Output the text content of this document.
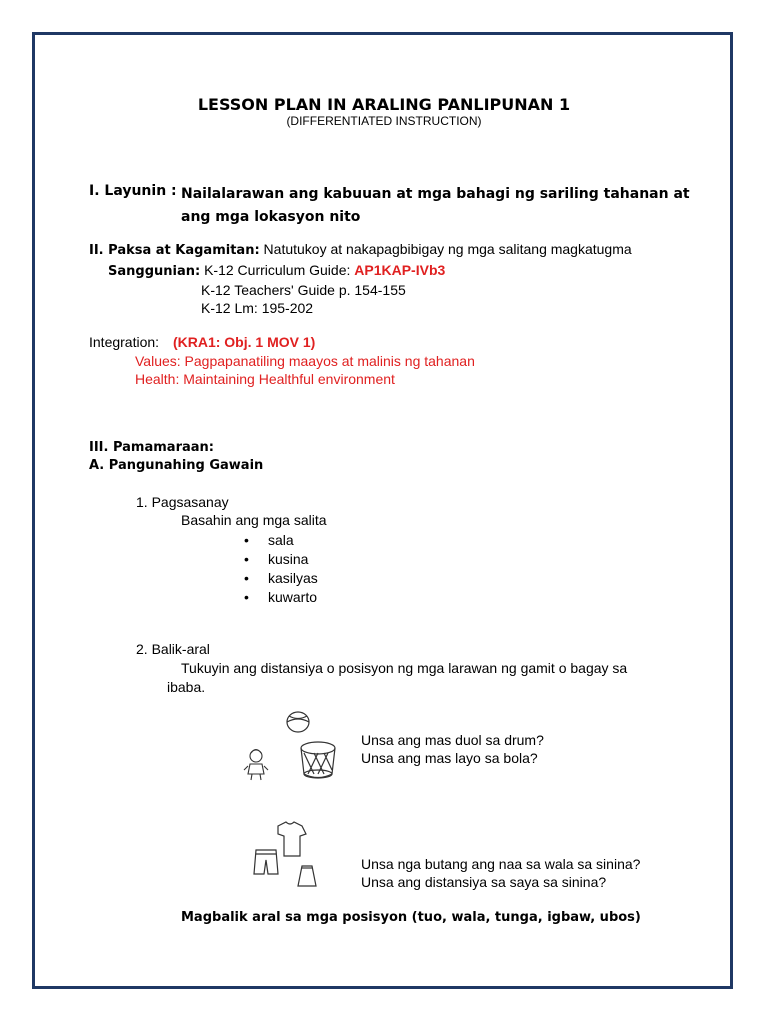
LESSON PLAN IN ARALING PANLIPUNAN 1
(DIFFERENTIATED INSTRUCTION)
I. Layunin : Nailalarawan ang kabuuan at mga bahagi ng sariling tahanan at ang mga lokasyon nito
II. Paksa at Kagamitan: Natutukoy at nakapagbibigay ng mga salitang magkatugma
Sanggunian: K-12 Curriculum Guide: AP1KAP-IVb3
K-12 Teachers' Guide p. 154-155
K-12 Lm: 195-202
Integration: (KRA1: Obj. 1 MOV 1)
Values: Pagpapanatiling maayos at malinis ng tahanan
Health: Maintaining Healthful environment
III. Pamamaraan:
A. Pangunahing Gawain
1. Pagsasanay
Basahin ang mga salita
• sala
• kusina
• kasilyas
• kuwarto
2. Balik-aral
Tukuyin ang distansiya o posisyon ng mga larawan ng gamit o bagay sa
ibaba.
Unsa ang mas duol sa drum?
Unsa ang mas layo sa bola?
Unsa nga butang ang naa sa wala sa sinina?
Unsa ang distansiya sa saya sa sinina?
Magbalik aral sa mga posisyon (tuo, wala, tunga, igbaw, ubos)
